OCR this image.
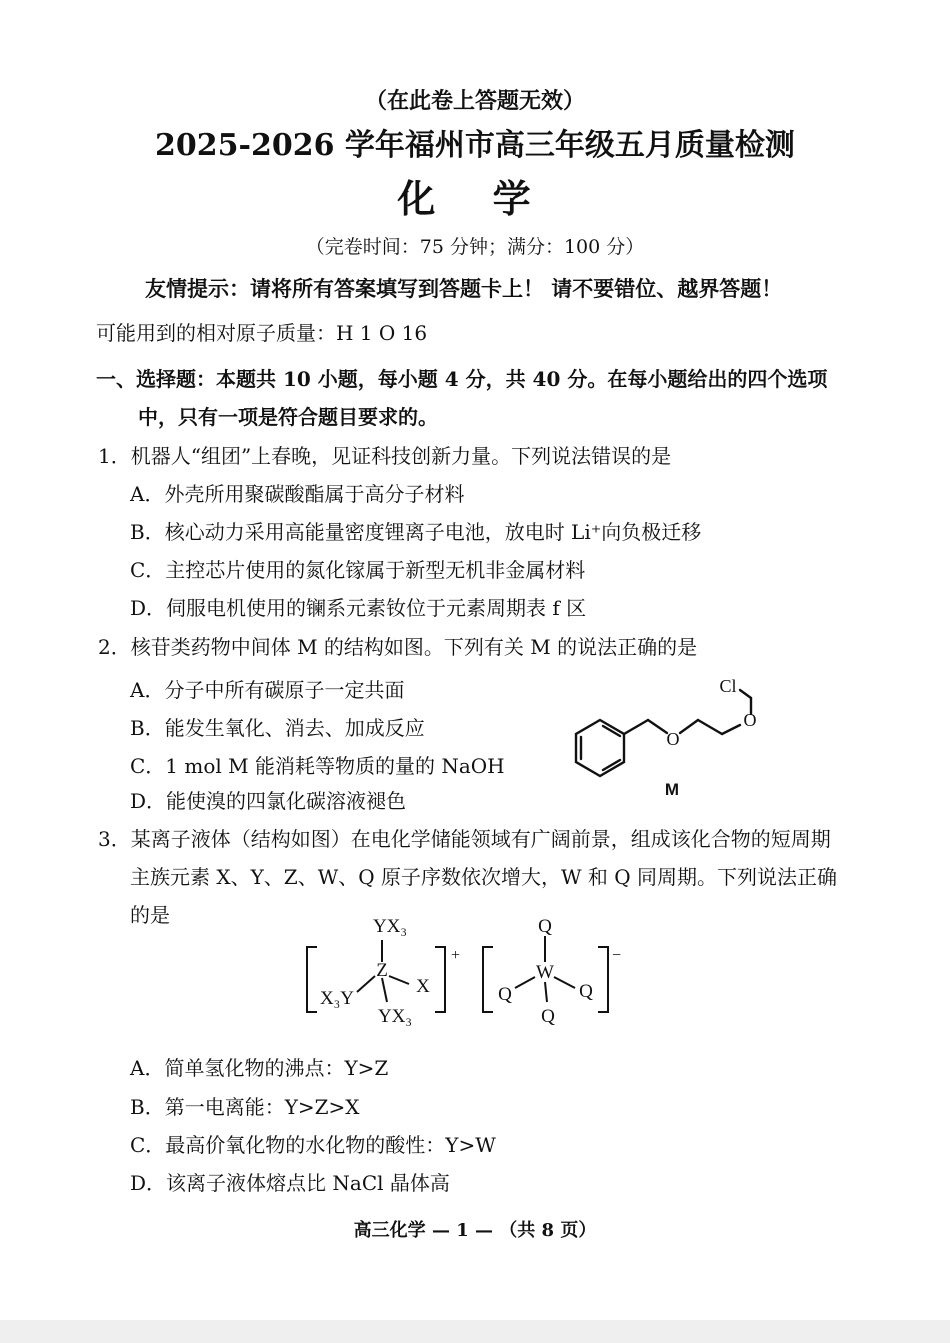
（在此卷上答题无效）
2025-2026 学年福州市高三年级五月质量检测
化 学
（完卷时间：75 分钟；满分：100 分）
友情提示：请将所有答案填写到答题卡上！ 请不要错位、越界答题！
可能用到的相对原子质量：H 1 O 16
一、选择题：本题共 10 小题，每小题 4 分，共 40 分。在每小题给出的四个选项
中，只有一项是符合题目要求的。
1．机器人“组团”上春晚，见证科技创新力量。下列说法错误的是
A．外壳所用聚碳酸酯属于高分子材料
B．核心动力采用高能量密度锂离子电池，放电时 Li⁺向负极迁移
C．主控芯片使用的氮化镓属于新型无机非金属材料
D．伺服电机使用的镧系元素钕位于元素周期表 f 区
2．核苷类药物中间体 M 的结构如图。下列有关 M 的说法正确的是
A．分子中所有碳原子一定共面
B．能发生氧化、消去、加成反应
C．1 mol M 能消耗等物质的量的 NaOH
D．能使溴的四氯化碳溶液褪色
O
O
Cl
M
3．某离子液体（结构如图）在电化学储能领域有广阔前景，组成该化合物的短周期
主族元素 X、Y、Z、W、Q 原子序数依次增大，W 和 Q 同周期。下列说法正确
的是	YX₃
Z
X₃Y
X
YX₃
+
Q
W
Q	Q
Q
−
A．简单氢化物的沸点：Y>Z
B．第一电离能：Y>Z>X
C．最高价氧化物的水化物的酸性：Y>W
D．该离子液体熔点比 NaCl 晶体高
高三化学 — 1 — （共 8 页）
